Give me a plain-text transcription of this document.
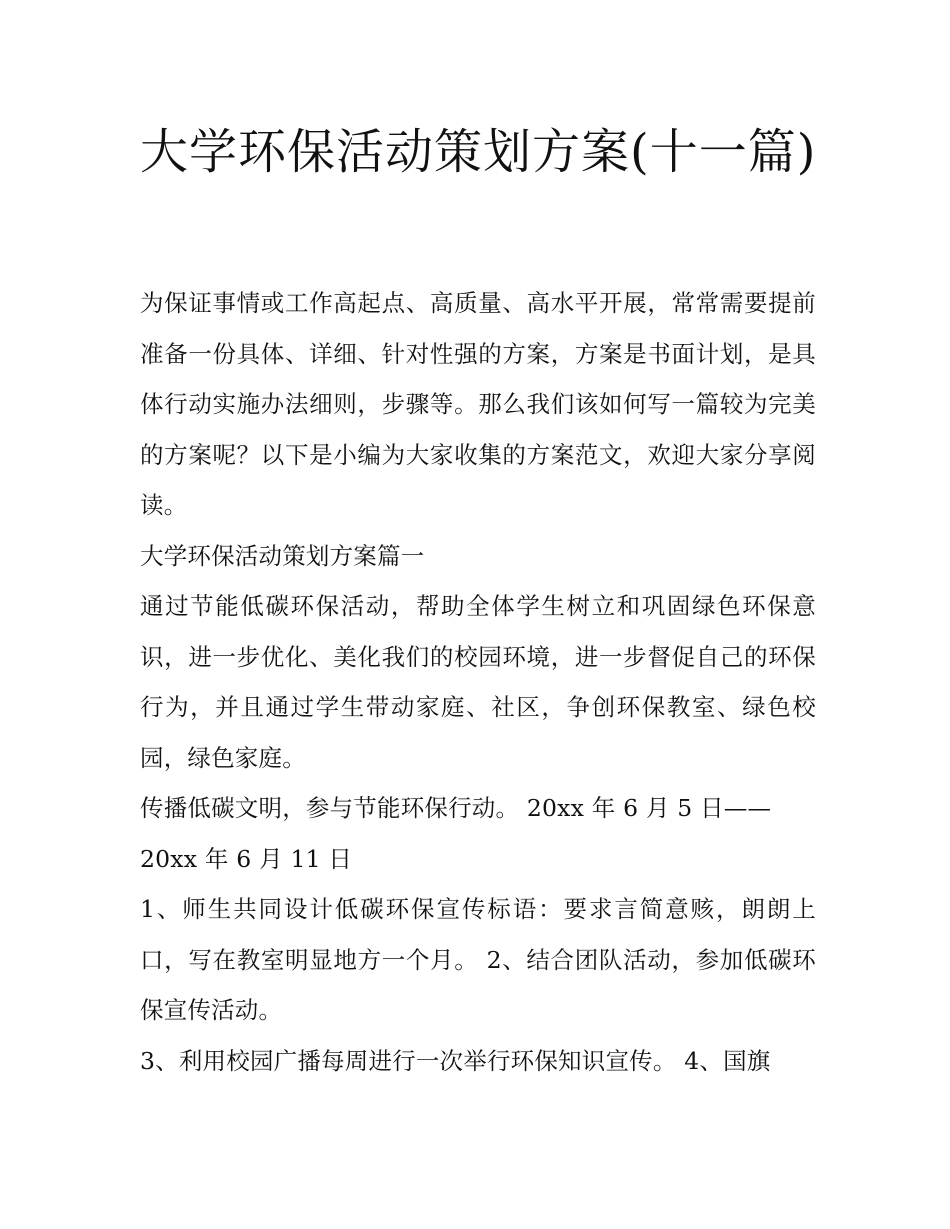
大学环保活动策划方案(十一篇)

为保证事情或工作高起点、高质量、高水平开展，常常需要提前准备一份具体、详细、针对性强的方案，方案是书面计划，是具体行动实施办法细则，步骤等。那么我们该如何写一篇较为完美的方案呢？以下是小编为大家收集的方案范文，欢迎大家分享阅读。

大学环保活动策划方案篇一

通过节能低碳环保活动，帮助全体学生树立和巩固绿色环保意识，进一步优化、美化我们的校园环境，进一步督促自己的环保行为，并且通过学生带动家庭、社区，争创环保教室、绿色校园，绿色家庭。

传播低碳文明，参与节能环保行动。 20xx 年 6 月 5 日——

20xx 年 6 月 11 日

1、师生共同设计低碳环保宣传标语：要求言简意赅，朗朗上口，写在教室明显地方一个月。 2、结合团队活动，参加低碳环保宣传活动。

3、利用校园广播每周进行一次举行环保知识宣传。 4、国旗
